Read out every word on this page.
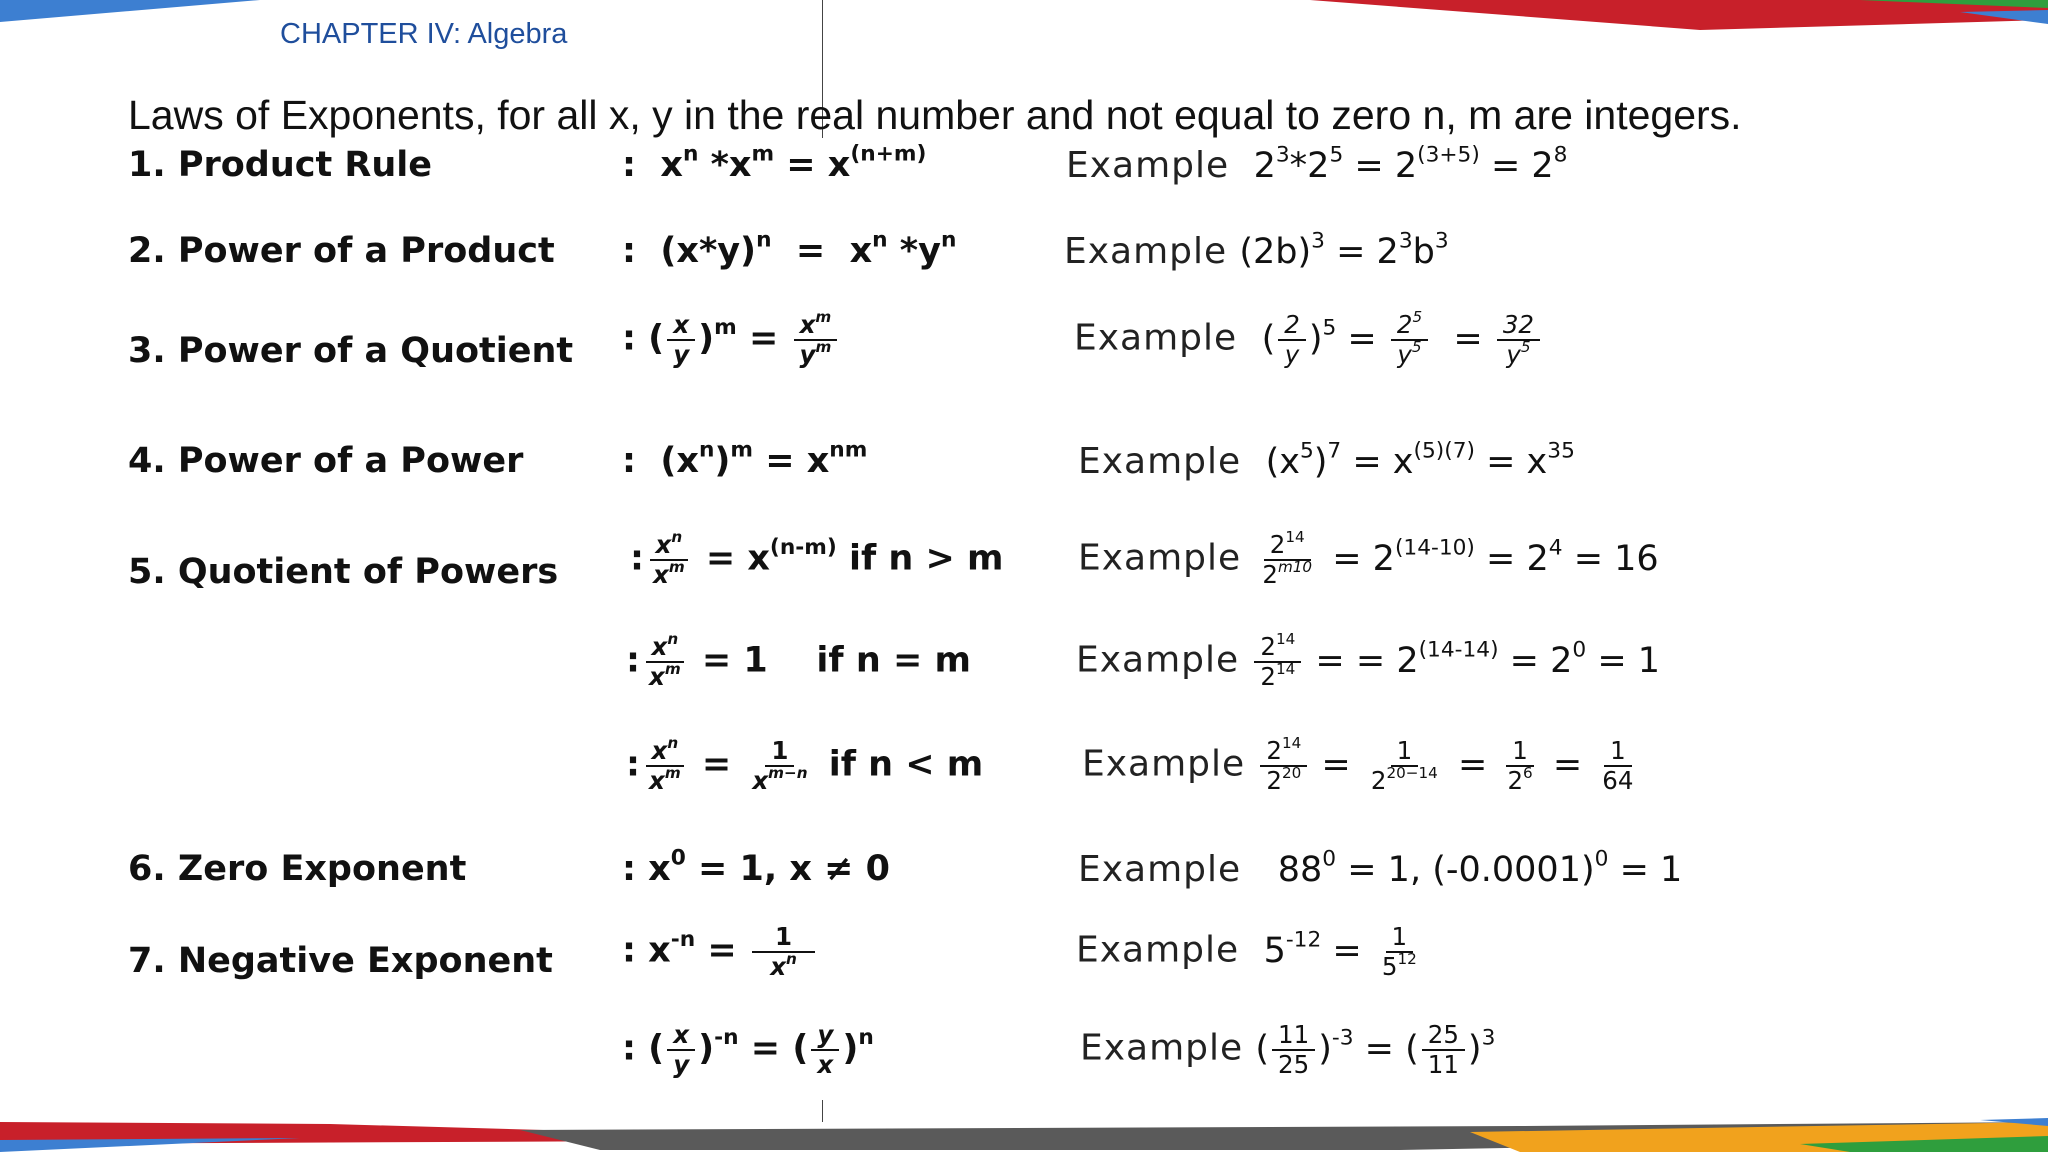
CHAPTER IV: Algebra
Laws of Exponents, for all x, y in the real number and not equal to zero n, m are integers.
1. Product Rule	:  $x^n$ $*x^m = x^{(n+m)}$	Example $2^3*2^5 = 2^{(3+5)} = 2^8$
2. Power of a Product :  $(x*y)^n = x^n$ $*y^n$	Example $(2b)^3 = 2^3b^3$
3. Power of a Quotient : ( $\frac{x}{y} )^m = \frac{x^m}{y^m}$	Example ( $\frac{2}{y} )^5 = \frac{2^5}{y^5} = \frac{32}{y^5}$
4. Power of a Power	:  $(x^n)^m = x^{nm}$	Example $(x^5)^7 = x^{(5)(7)} = x^{35}$
5. Quotient of Powers : $\frac{x^n}{x^m} = x^{(n-m)}$ if n > m Example $\frac{2^{14}}{2^{m10}} = 2^{(14-10)} = 2^4 = 16$
: $\frac{x^n}{x^m} = 1$    if n = m	Example $\frac{2^{14}}{2^{14}}$ = = $2^{(14-14)} = 2^0 = 1$
: $\frac{x^n}{x^m} = \frac{1}{x^{m-n}}$ if n < m	Example $\frac{2^{14}}{2^{20}} = \frac{1}{2^{20-14}} = \frac{1}{2^6} = \frac{1}{64}$
6. Zero Exponent	: $x^0 = 1$, x ≠ 0	Example $88^0 = 1$, $(-0.0001)^0 = 1$
7. Negative Exponent : $x^{-n} = \frac{1}{x^n}$	Example $5^{-12} = \frac{1}{5^{12}}$
: ( $\frac{x}{y} )^{-n}$ = ( $\frac{y}{x} )^n$	Example ( $\frac{11}{25} )^{-3}$ = ( $\frac{25}{11} )^3$
